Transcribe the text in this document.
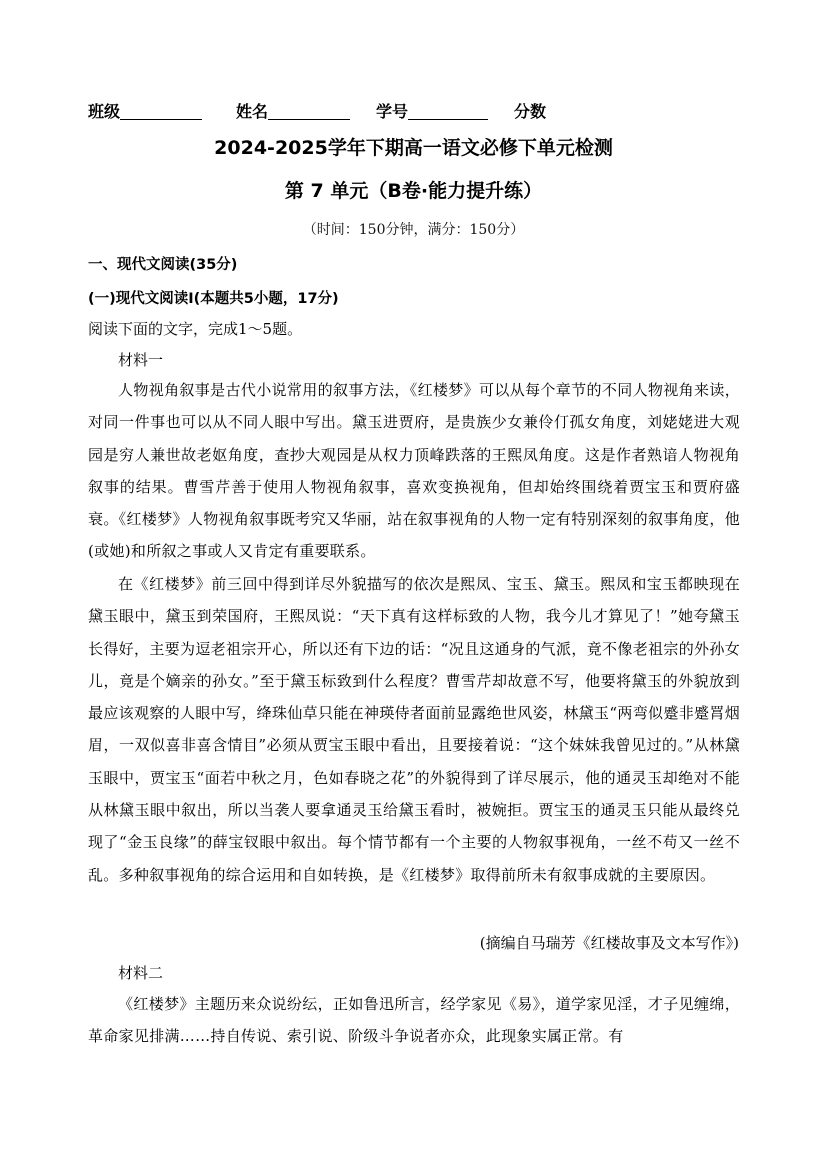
班级	姓名	学号	分数
2024-2025学年下期高一语文必修下单元检测
第 7 单元（B卷·能力提升练）
（时间：150分钟，满分：150分）
一、现代文阅读(35分)
(一)现代文阅读Ⅰ(本题共5小题，17分)
阅读下面的文字，完成1～5题。
材料一
人物视角叙事是古代小说常用的叙事方法，《红楼梦》可以从每个章节的不同人物视角来读，对同一件事也可以从不同人眼中写出。黛玉进贾府，是贵族少女兼伶仃孤女角度，刘姥姥进大观园是穷人兼世故老妪角度，查抄大观园是从权力顶峰跌落的王熙凤角度。这是作者熟谙人物视角叙事的结果。曹雪芹善于使用人物视角叙事，喜欢变换视角，但却始终围绕着贾宝玉和贾府盛衰。《红楼梦》人物视角叙事既考究又华丽，站在叙事视角的人物一定有特别深刻的叙事角度，他(或她)和所叙之事或人又肯定有重要联系。
在《红楼梦》前三回中得到详尽外貌描写的依次是熙凤、宝玉、黛玉。熙凤和宝玉都映现在黛玉眼中，黛玉到荣国府，王熙凤说：“天下真有这样标致的人物，我今儿才算见了！”她夸黛玉长得好，主要为逗老祖宗开心，所以还有下边的话：“况且这通身的气派，竟不像老祖宗的外孙女儿，竟是个嫡亲的孙女。”至于黛玉标致到什么程度？曹雪芹却故意不写，他要将黛玉的外貌放到最应该观察的人眼中写，绛珠仙草只能在神瑛侍者面前显露绝世风姿，林黛玉“两弯似蹙非蹙罥烟眉，一双似喜非喜含情目”必须从贾宝玉眼中看出，且要接着说：“这个妹妹我曾见过的。”从林黛玉眼中，贾宝玉“面若中秋之月，色如春晓之花”的外貌得到了详尽展示，他的通灵玉却绝对不能从林黛玉眼中叙出，所以当袭人要拿通灵玉给黛玉看时，被婉拒。贾宝玉的通灵玉只能从最终兑现了“金玉良缘”的薛宝钗眼中叙出。每个情节都有一个主要的人物叙事视角，一丝不苟又一丝不乱。多种叙事视角的综合运用和自如转换，是《红楼梦》取得前所未有叙事成就的主要原因。
(摘编自马瑞芳《红楼故事及文本写作》)
材料二
《红楼梦》主题历来众说纷纭，正如鲁迅所言，经学家见《易》，道学家见淫，才子见缠绵，革命家见排满……持自传说、索引说、阶级斗争说者亦众，此现象实属正常。有
